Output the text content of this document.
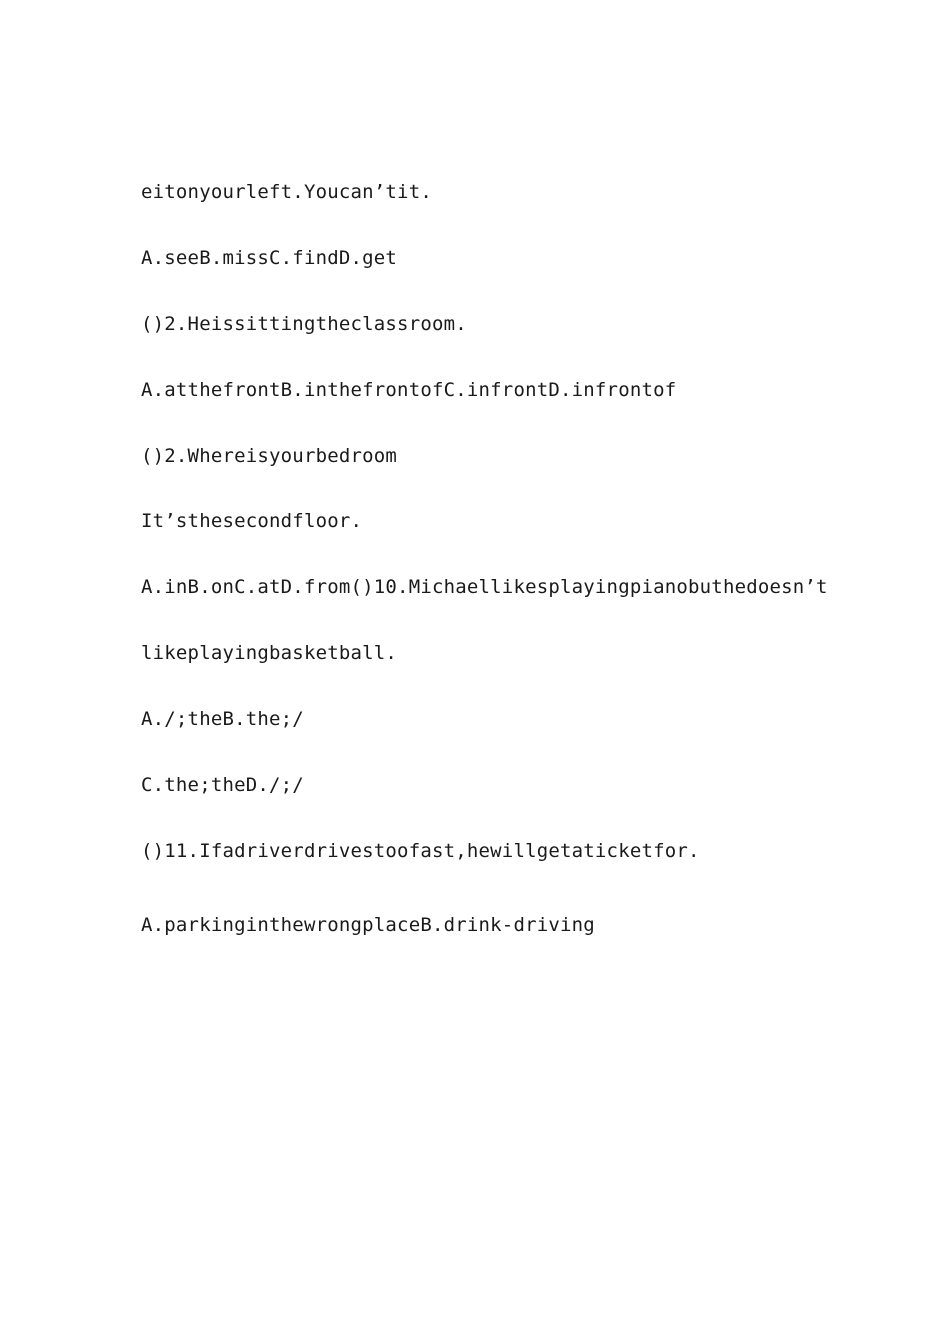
eitonyourleft.Youcan’tit.
A.seeB.missC.findD.get
()2.Heissittingtheclassroom.
A.atthefrontB.inthefrontofC.infrontD.infrontof
()2.Whereisyourbedroom
It’sthesecondfloor.
A.inB.onC.atD.from()10.Michaellikesplayingpianobuthedoesn’t
likeplayingbasketball.
A./;theB.the;/
C.the;theD./;/
()11.Ifadriverdrivestoofast,hewillgetaticketfor.
A.parkinginthewrongplaceB.drink-driving
